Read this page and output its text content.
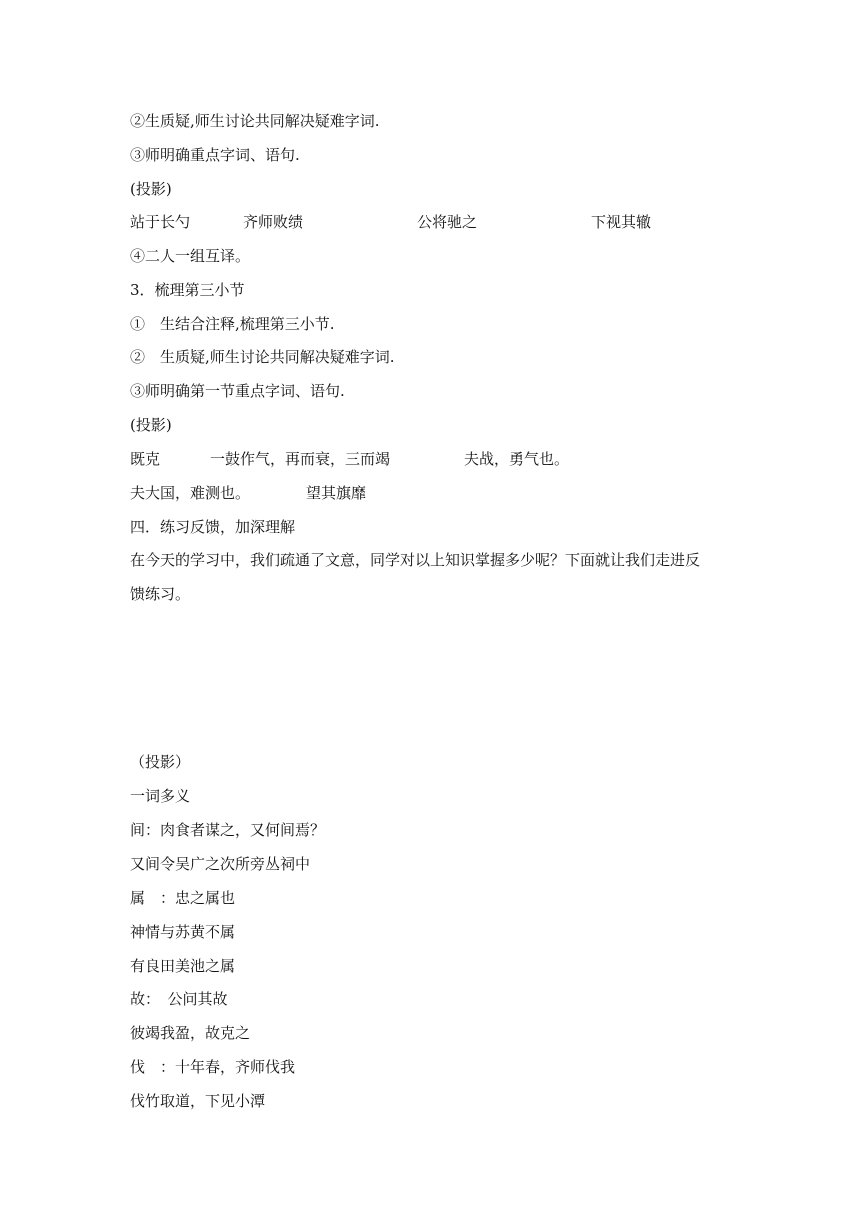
②生质疑,师生讨论共同解决疑难字词.
③师明确重点字词、语句.
(投影)
站于长勺	齐师败绩	公将驰之	下视其辙
④二人一组互译。
3．梳理第三小节
①　生结合注释,梳理第三小节.
②　生质疑,师生讨论共同解决疑难字词.
③师明确第一节重点字词、语句.
(投影)
既克	一鼓作气，再而衰，三而竭	夫战，勇气也。
夫大国，难测也。	望其旗靡
四．练习反馈，加深理解
在今天的学习中，我们疏通了文意，同学对以上知识掌握多少呢？下面就让我们走进反
馈练习。
（投影）
一词多义
间：肉食者谋之，又何间焉？
又间令吴广之次所旁丛祠中
属　：忠之属也
神情与苏黄不属
有良田美池之属
故：　公问其故
彼竭我盈，故克之
伐　：十年春，齐师伐我
伐竹取道，下见小潭
